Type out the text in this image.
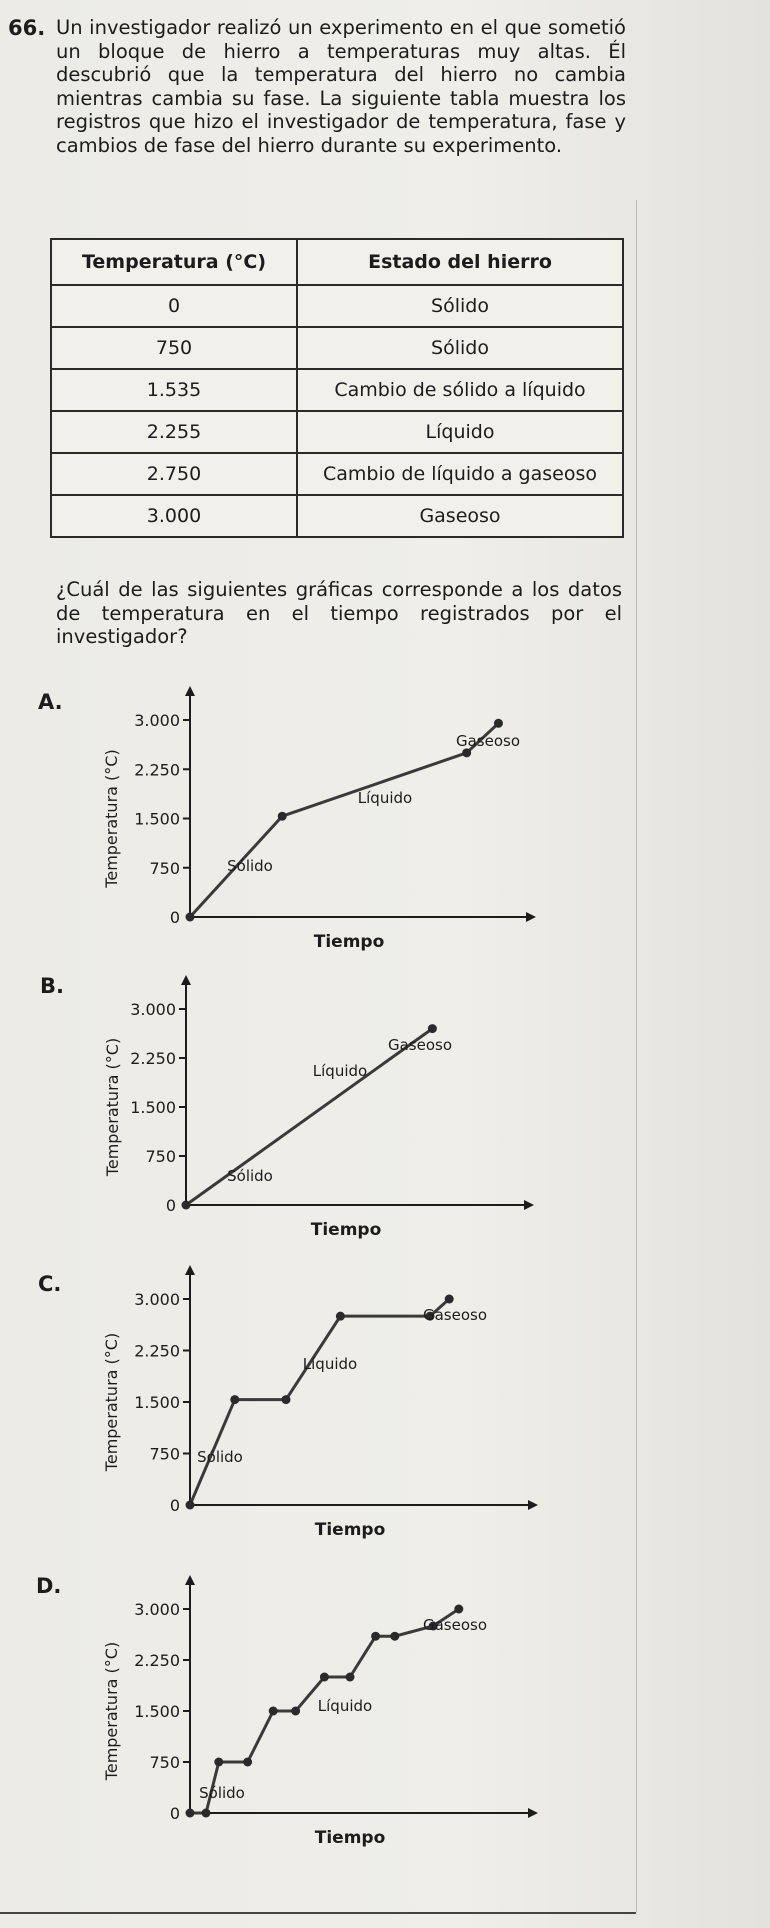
66. Un investigador realizó un experimento en el que sometió un bloque de hierro a temperaturas muy altas. Él descubrió que la temperatura del hierro no cambia mientras cambia su fase. La siguiente tabla muestra los registros que hizo el investigador de temperatura, fase y cambios de fase del hierro durante su experimento.
Temperatura (°C)	Estado del hierro
0	Sólido
750	Sólido
1.535	Cambio de sólido a líquido
2.255	Líquido
2.750	Cambio de líquido a gaseoso
3.000	Gaseoso
¿Cuál de las siguientes gráficas corresponde a los datos de temperatura en el tiempo registrados por el investigador?
A.
B.
C.
D.
0
750
1.500
2.250
3.000
Temperatura (°C)
Tiempo
Sólido
Líquido
Gaseoso
0
750
1.500
2.250
3.000
Temperatura (°C)
Tiempo
Sólido
Líquido
Gaseoso
0
750
1.500
2.250
3.000
Temperatura (°C)
Tiempo
Sólido
Líquido
Gaseoso
0
750
1.500
2.250
3.000
Temperatura (°C)
Tiempo
Sólido
Líquido
Gaseoso
